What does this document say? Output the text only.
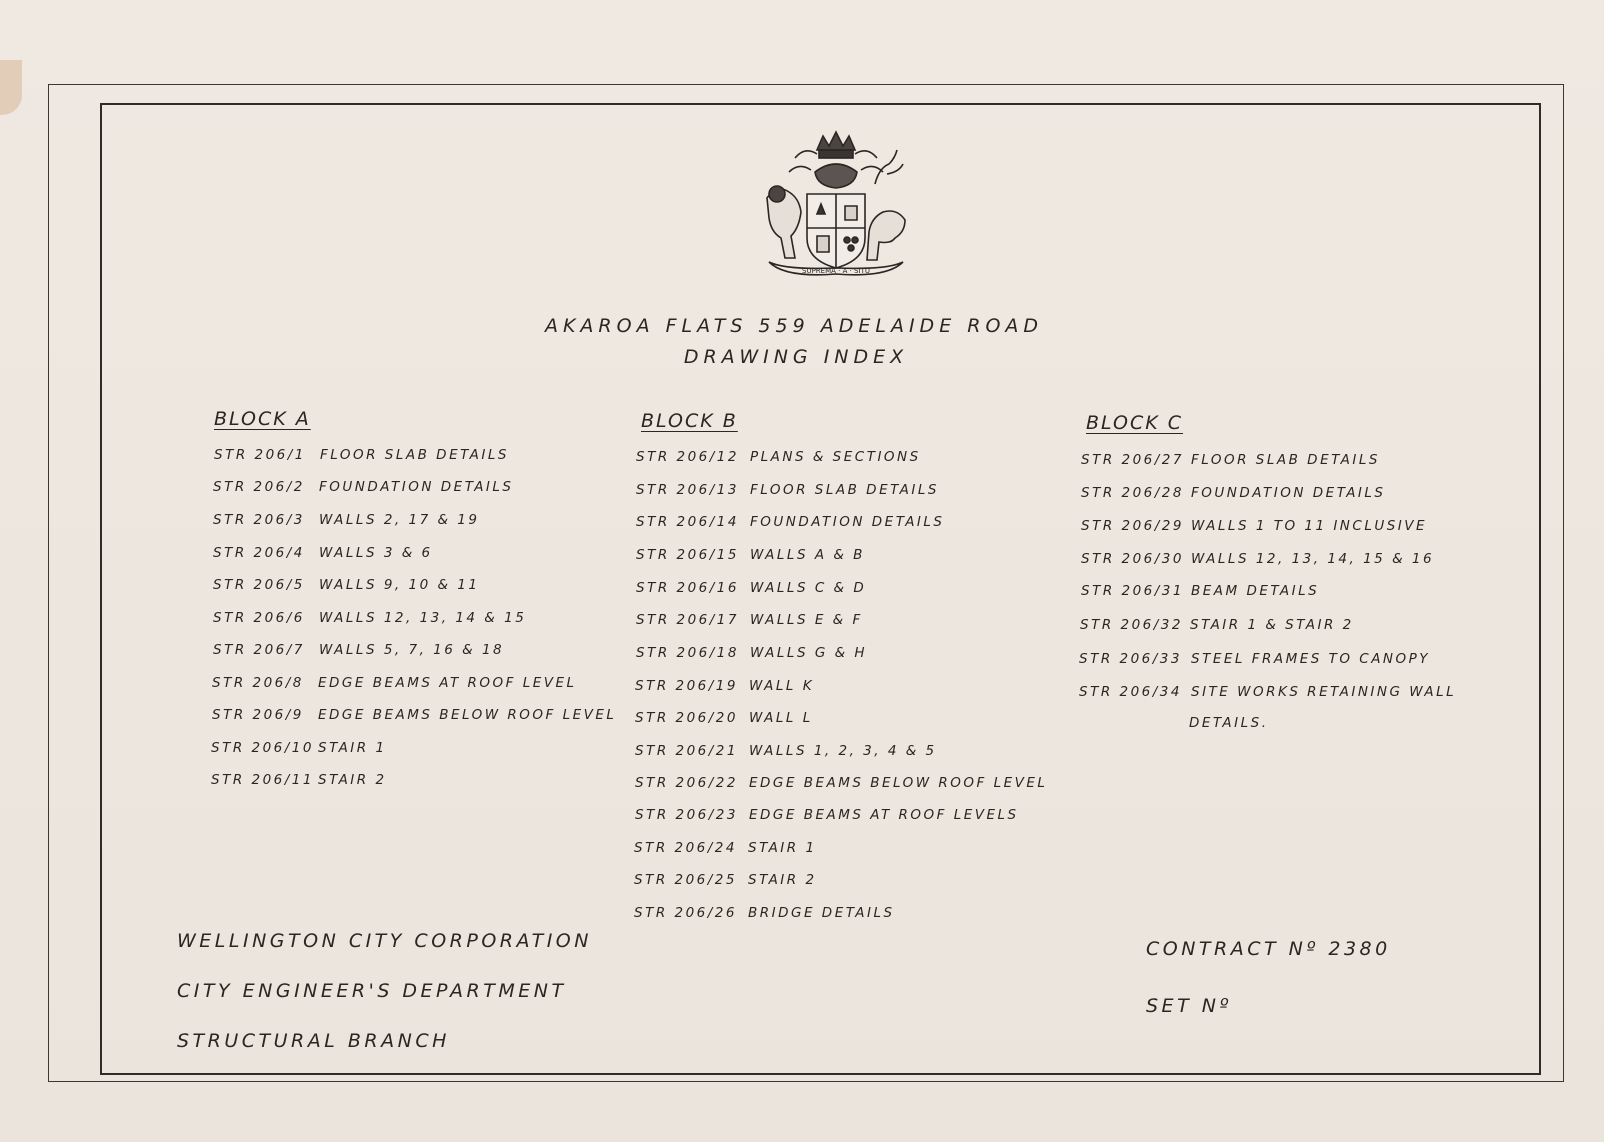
SUPREMA · A · SITU
AKAROA FLATS 559 ADELAIDE ROAD
DRAWING INDEX
BLOCK A
STR 206/1 FLOOR SLAB DETAILS
STR 206/2 FOUNDATION DETAILS
STR 206/3 WALLS 2, 17 & 19
STR 206/4 WALLS 3 & 6
STR 206/5 WALLS 9, 10 & 11
STR 206/6 WALLS 12, 13, 14 & 15
STR 206/7 WALLS 5, 7, 16 & 18
STR 206/8 EDGE BEAMS AT ROOF LEVEL
STR 206/9 EDGE BEAMS BELOW ROOF LEVEL
STR 206/10 STAIR 1
STR 206/11 STAIR 2
BLOCK B
STR 206/12 PLANS & SECTIONS
STR 206/13 FLOOR SLAB DETAILS
STR 206/14 FOUNDATION DETAILS
STR 206/15 WALLS A & B
STR 206/16 WALLS C & D
STR 206/17 WALLS E & F
STR 206/18 WALLS G & H
STR 206/19 WALL K
STR 206/20 WALL L
STR 206/21 WALLS 1, 2, 3, 4 & 5
STR 206/22 EDGE BEAMS BELOW ROOF LEVEL
STR 206/23 EDGE BEAMS AT ROOF LEVELS
STR 206/24 STAIR 1
STR 206/25 STAIR 2
STR 206/26 BRIDGE DETAILS
BLOCK C
STR 206/27 FLOOR SLAB DETAILS
STR 206/28 FOUNDATION DETAILS
STR 206/29 WALLS 1 TO 11 INCLUSIVE
STR 206/30 WALLS 12, 13, 14, 15 & 16
STR 206/31 BEAM DETAILS
STR 206/32 STAIR 1 & STAIR 2
STR 206/33 STEEL FRAMES TO CANOPY
STR 206/34 SITE WORKS RETAINING WALL
DETAILS.
WELLINGTON CITY CORPORATION
CITY ENGINEER'S DEPARTMENT
STRUCTURAL BRANCH
CONTRACT Nº 2380
SET Nº
